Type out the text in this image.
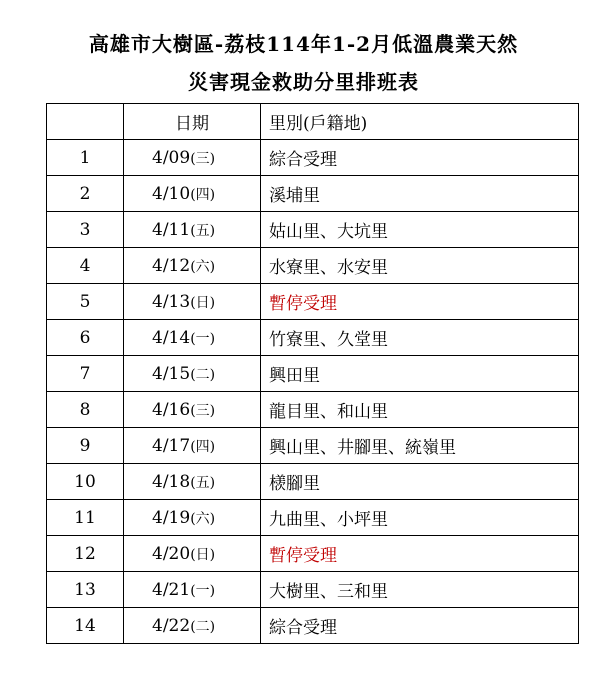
高雄市大樹區-荔枝114年1-2月低溫農業天然
災害現金救助分里排班表
	日期	里別(戶籍地)
1	4/09(三)	綜合受理
2	4/10(四)	溪埔里
3	4/11(五)	姑山里、大坑里
4	4/12(六)	水寮里、水安里
5	4/13(日)	暫停受理
6	4/14(一)	竹寮里、久堂里
7	4/15(二)	興田里
8	4/16(三)	龍目里、和山里
9	4/17(四)	興山里、井腳里、統嶺里
10	4/18(五)	檨腳里
11	4/19(六)	九曲里、小坪里
12	4/20(日)	暫停受理
13	4/21(一)	大樹里、三和里
14	4/22(二)	綜合受理
